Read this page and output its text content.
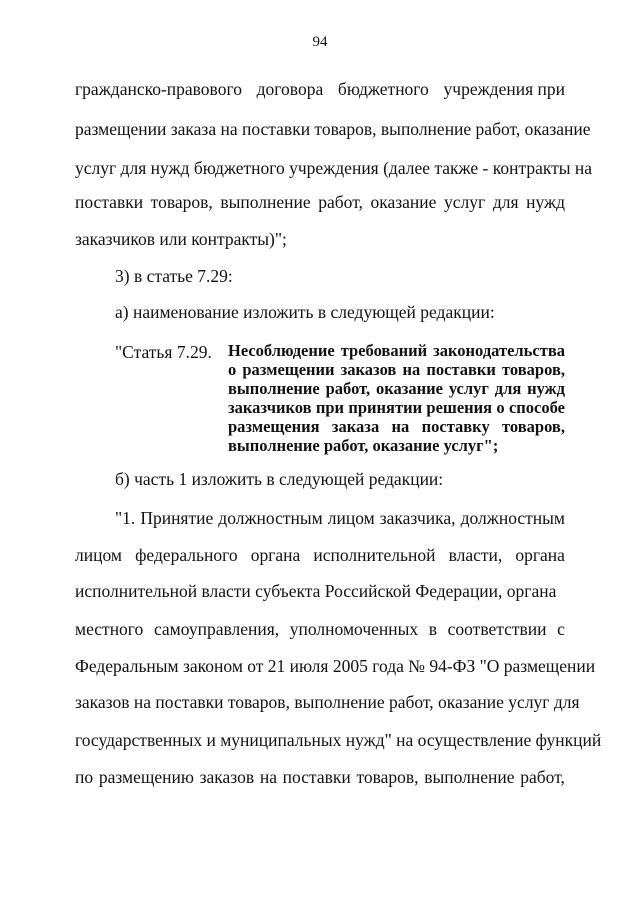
94
гражданско-правового договора бюджетного учреждения при
размещении заказа на поставки товаров, выполнение работ, оказание
услуг для нужд бюджетного учреждения (далее также - контракты на
поставки товаров, выполнение работ, оказание услуг для нужд
заказчиков или контракты)";
3) в статье 7.29:
а) наименование изложить в следующей редакции:
"Статья 7.29. Несоблюдение требований законодательства
о размещении заказов на поставки товаров,
выполнение работ, оказание услуг для нужд
заказчиков при принятии решения о способе
размещения заказа на поставку товаров,
выполнение работ, оказание услуг";
б) часть 1 изложить в следующей редакции:
"1. Принятие должностным лицом заказчика, должностным
лицом федерального органа исполнительной власти, органа
исполнительной власти субъекта Российской Федерации, органа
местного самоуправления, уполномоченных в соответствии с
Федеральным законом от 21 июля 2005 года № 94-ФЗ "О размещении
заказов на поставки товаров, выполнение работ, оказание услуг для
государственных и муниципальных нужд" на осуществление функций
по размещению заказов на поставки товаров, выполнение работ,
